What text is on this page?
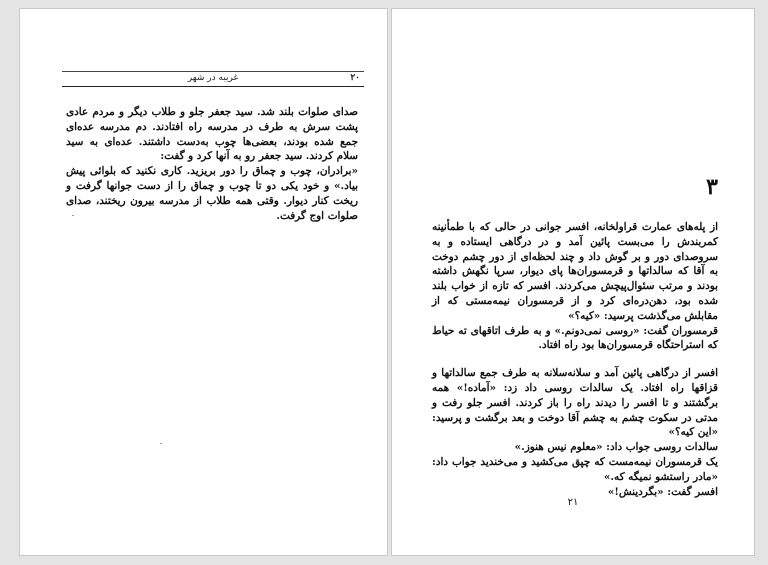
۲۰
غریبه در شهر

صدای صلوات بلند شد. سید جعفر جلو و طلاب دیگر و مردم عادی پشت سرش به طرف در مدرسه راه افتادند. دم مدرسه عده‌ای جمع شده بودند، بعضی‌ها چوب به‌دست داشتند. عده‌ای به سید سلام کردند. سید جعفر رو به آنها کرد و گفت:

«برادران، چوب و چماق را دور بریزید. کاری نکنید که بلوائی پیش بیاد.» و خود یکی دو تا چوب و چماق را از دست جوانها گرفت و ریخت کنار دیوار. وقتی همه طلاب از مدرسه بیرون ریختند، صدای صلوات اوج گرفت.

۳

از پله‌های عمارت قراولخانه، افسر جوانی در حالی که با طمأنینه کمربندش را می‌بست پائین آمد و در درگاهی ایستاده و به سروصدای دور و بر گوش داد و چند لحظه‌ای از دور چشم دوخت به آقا که سالداتها و قرمسوران‌ها پای دیوار، سرپا نگهش داشته بودند و مرتب سئوال‌پیچش می‌کردند. افسر که تازه از خواب بلند شده بود، دهن‌دره‌ای کرد و از قرمسوران نیمه‌مستی که از مقابلش می‌گذشت پرسید: «کیه؟»

قرمسوران گفت: «روسی نمی‌دونم.» و به طرف اتاقهای ته حیاط که استراحتگاه قرمسوران‌ها بود راه افتاد.

افسر از درگاهی پائین آمد و سلانه‌سلانه به طرف جمع سالداتها و قزاقها راه افتاد. یک سالدات روسی داد زد: «آماده!» همه برگشتند و تا افسر را دیدند راه را باز کردند. افسر جلو رفت و مدتی در سکوت چشم به چشم آقا دوخت و بعد برگشت و پرسید: «این کیه؟»

سالدات روسی جواب داد: «معلوم نیس هنوز.»

یک قرمسوران نیمه‌مست که چپق می‌کشید و می‌خندید جواب داد: «مادر راستشو نمیگه که.»

افسر گفت: «بگردینش!»

۲۱
